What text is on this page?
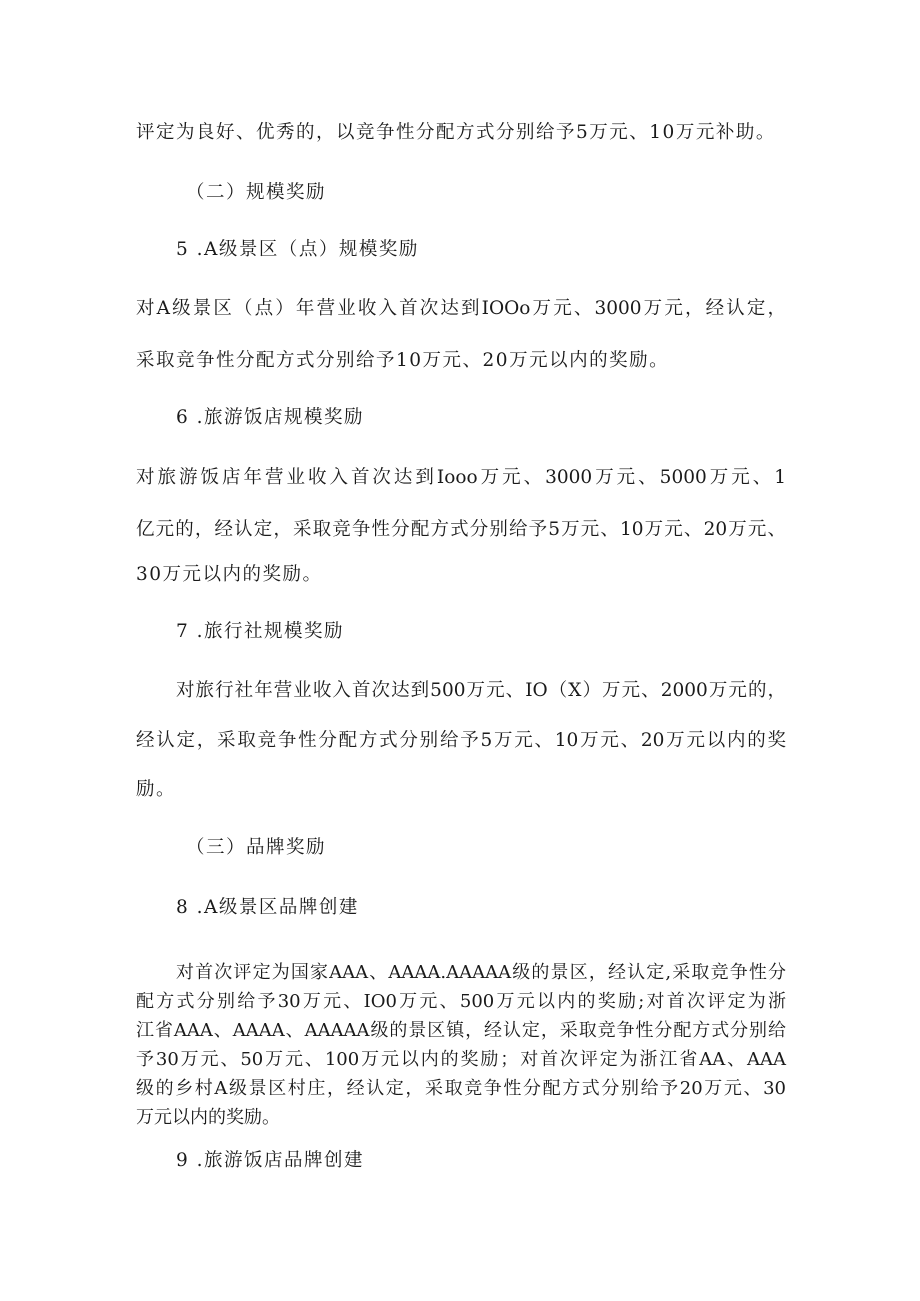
评定为良好、优秀的，以竞争性分配方式分别给予5万元、10万元补助。
（二）规模奖励
5 .A级景区（点）规模奖励
对A级景区（点）年营业收入首次达到IOOo万元、3000万元，经认定，
采取竞争性分配方式分别给予10万元、20万元以内的奖励。
6 .旅游饭店规模奖励
对旅游饭店年营业收入首次达到Iooo万元、3000万元、5000万元、1
亿元的，经认定，采取竞争性分配方式分别给予5万元、10万元、20万元、
30万元以内的奖励。
7 .旅行社规模奖励
对旅行社年营业收入首次达到500万元、IO（X）万元、2000万元的，
经认定，采取竞争性分配方式分别给予5万元、10万元、20万元以内的奖
励。
（三）品牌奖励
8 .A级景区品牌创建
对首次评定为国家AAA、AAAA.AAAAA级的景区，经认定,采取竞争性分
配方式分别给予30万元、IO0万元、500万元以内的奖励;对首次评定为浙
江省AAA、AAAA、AAAAA级的景区镇，经认定，采取竞争性分配方式分别给
予30万元、50万元、100万元以内的奖励；对首次评定为浙江省AA、AAA
级的乡村A级景区村庄，经认定，采取竞争性分配方式分别给予20万元、30
万元以内的奖励。
9 .旅游饭店品牌创建
